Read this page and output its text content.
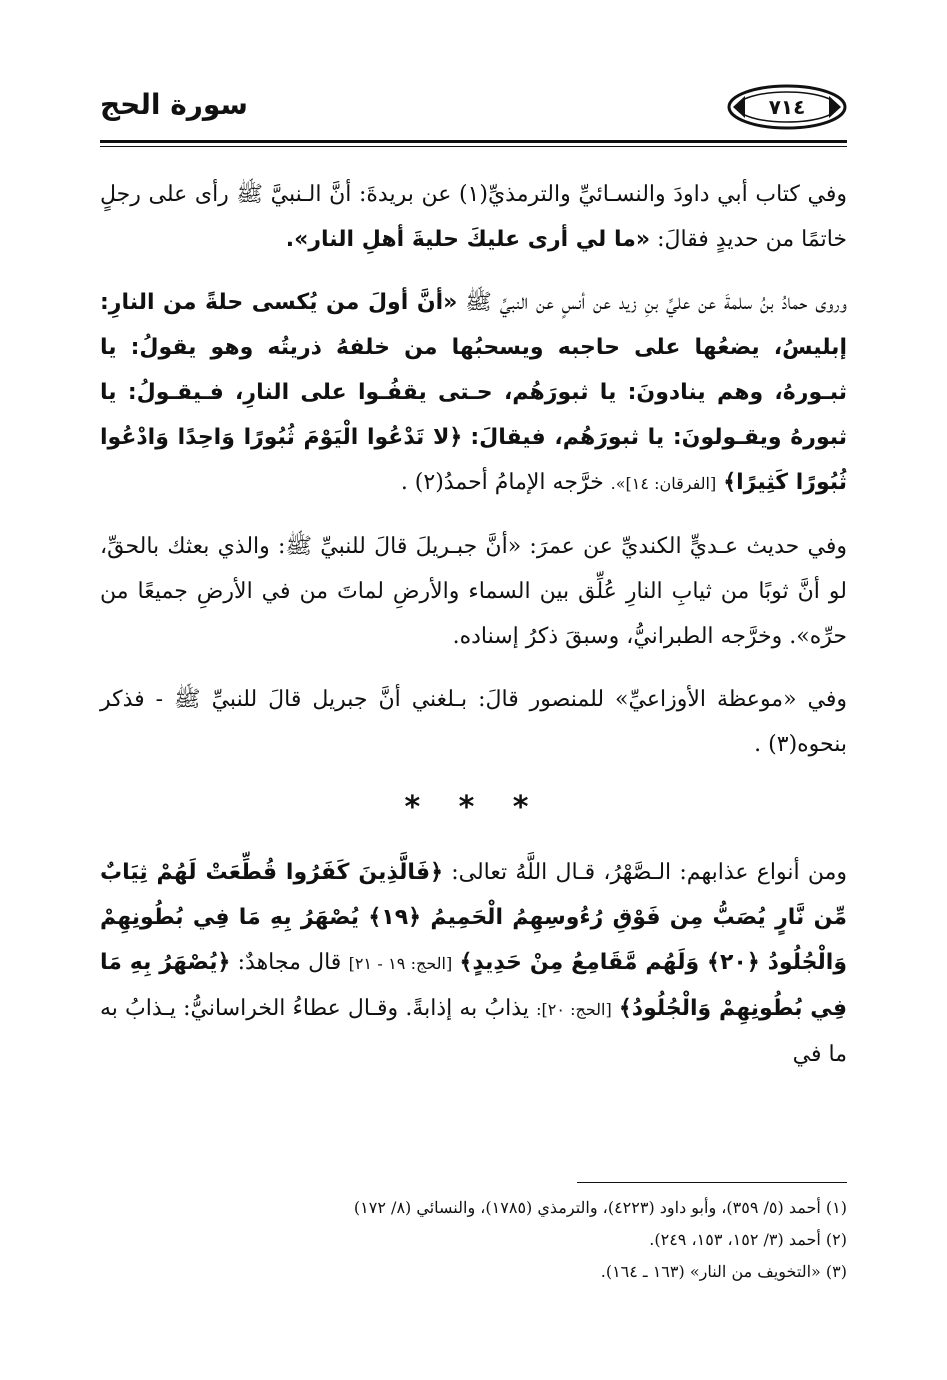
سورة الحج	٧١٤

وفي كتاب أبي داودَ والنسـائيِّ والترمذيِّ(١) عن بريدةَ: أنَّ الـنبيَّ ﷺ رأى على رجلٍ خاتمًا من حديدٍ فقالَ: «ما لي أرى عليكَ حليةَ أهلِ النار».

وروى حمادُ بنُ سلمةَ عن عليِّ بنِ زيد عن أنسٍ عن النبيِّ ﷺ «أنَّ أولَ من يُكسى حلةً من النارِ: إبليسُ، يضعُها على حاجبه ويسحبُها من خلفهُ ذريتُه وهو يقولُ: يا ثبـورهُ، وهم ينادونَ: يا ثبورَهُم، حـتى يقفُـوا على النارِ، فـيقـولُ: يا ثبورهُ ويقـولونَ: يا ثبورَهُم، فيقالَ: ﴿لا تَدْعُوا الْيَوْمَ ثُبُورًا وَاحِدًا وَادْعُوا ثُبُورًا كَثِيرًا﴾ [الفرقان: ١٤]». خرَّجه الإمامُ أحمدُ(٢) .

وفي حديث عـديٍّ الكنديِّ عن عمرَ: «أنَّ جبـريلَ قالَ للنبيِّ ﷺ: والذي بعثك بالحقِّ، لو أنَّ ثوبًا من ثيابِ النارِ عُلِّق بين السماء والأرضِ لماتَ من في الأرضِ جميعًا من حرِّه». وخرَّجه الطبرانيُّ، وسبقَ ذكرُ إسناده.

وفي «موعظة الأوزاعيِّ» للمنصور قالَ: بـلغني أنَّ جبريل قالَ للنبيِّ ﷺ - فذكر بنحوه(٣) .

* * *

ومن أنواع عذابهم: الـصَّهْرُ، قـال اللَّهُ تعالى: ﴿فَالَّذِينَ كَفَرُوا قُطِّعَتْ لَهُمْ ثِيَابٌ مِّن نَّارٍ يُصَبُّ مِن فَوْقِ رُءُوسِهِمُ الْحَمِيمُ ﴿١٩﴾ يُصْهَرُ بِهِ مَا فِي بُطُونِهِمْ وَالْجُلُودُ ﴿٢٠﴾ وَلَهُم مَّقَامِعُ مِنْ حَدِيدٍ﴾ [الحج: ١٩ - ٢١] قال مجاهدٌ: ﴿يُصْهَرُ بِهِ مَا فِي بُطُونِهِمْ وَالْجُلُودُ﴾ [الحج: ٢٠]: يذابُ به إذابةً. وقـال عطاءُ الخراسانيُّ: يـذابُ به ما في

(١) أحمد (٥/ ٣٥٩)، وأبو داود (٤٢٢٣)، والترمذي (١٧٨٥)، والنسائي (٨/ ١٧٢)
(٢) أحمد (٣/ ١٥٢، ١٥٣، ٢٤٩).
(٣) «التخويف من النار» (١٦٣ ـ ١٦٤).
